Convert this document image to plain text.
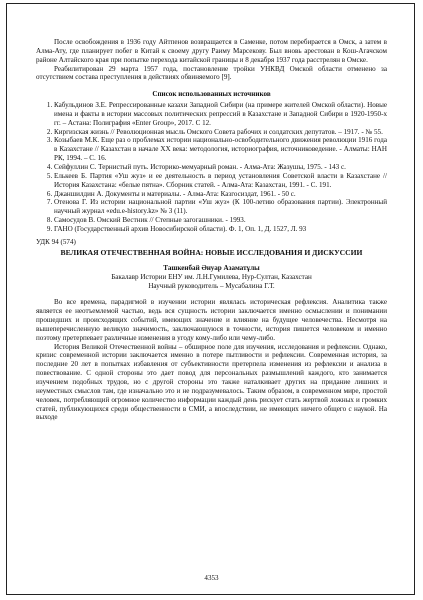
После освобождения в 1936 году Айтпенов возвращается в Саменке, потом перебирается в Омск, а затем в Алма-Ату, где планирует побег в Китай к своему другу Раиму Марсекову. Был вновь арестован в Кош-Агачском районе Алтайского края при попытке перехода китайской границы и 8 декабря 1937 года расстрелян в Омске.

Реабилитирован 29 марта 1957 года, постановление тройки УНКВД Омской области отменено за отсутствием состава преступления в действиях обвиняемого [9].

Список использованных источников
1. Кабульдинов З.Е. Репрессированные казахи Западной Сибири (на примере жителей Омской области). Новые имена и факты в истории массовых политических репрессий в Казахстане и Западной Сибири в 1920-1950-х гг. – Астана: Полиграфия «Enter Group», 2017. С 12.
2. Киргизская жизнь // Революционная мысль Омского Совета рабочих и солдатских депутатов. – 1917. - № 55.
3. Козыбаев М.К. Еще раз о проблемах истории национально-освободительного движения революции 1916 года в Казахстане // Казахстан в начале ХХ века: методология, историография, источниковедение. - Алматы: НАН РК, 1994. – С. 16.
4. Сейфуллин С. Тернистый путь. Историко-мемуарный роман. - Алма-Ата: Жазушы, 1975. - 143 с.
5. Елькеев Б. Партия «Уш жуз» и ее деятельность в период установления Советской власти в Казахстане // История Казахстана: «белые пятна». Сборник статей. - Алма-Ата: Казахстан, 1991. - С. 191.
6. Джаншилдин А. Документы и материалы. - Алма-Ата: Казгосиздат, 1961. - 50 с.
7. Отенова Г. Из истории национальной партии «Уш жуз» (К 100-летию образования партии). Электронный научный журнал «edu.e-history.kz» № 3 (11).
8. Самосудов В. Омский Вестник // Степные загогашники. - 1993.
9. ГАНО (Государственный архив Новосибирской области). Ф. 1, Оп. 1, Д. 1527, Л. 93

УДК 94 (574)

ВЕЛИКАЯ ОТЕЧЕСТВЕННАЯ ВОЙНА: НОВЫЕ ИССЛЕДОВАНИЯ И ДИСКУССИИ
Ташкенбай Әнуар Азаматұлы
Бакалавр Истории ЕНУ им. Л.Н.Гумилева, Нур-Султан, Казахстан
Научный руководитель – Мусабалина Г.Т.

Во все времена, парадигмой в изучении истории являлась историческая рефлексия. Аналитика также является ее неотъемлемой частью, ведь вся сущность истории заключается именно осмыслении и понимании прошедших и происходящих событий, имеющих значение и влияние на будущее человечества. Несмотря на вышеперечисленную великую значимость, заключающуюся в точности, история пишется человеком и именно поэтому претерпевает различные изменения в угоду кому-либо или чему-либо.

История Великой Отечественной войны – обширное поле для изучения, исследования и рефлексии. Однако, кризис современной истории заключается именно в потере пытливости и рефлексии. Современная история, за последние 20 лет в попытках избавления от субъективности претерпела изменения из рефлексии и анализа в повествование. С одной стороны это дает повод для персональных размышлений каждого, кто занимается изучением подобных трудов, но с другой стороны это также наталкивает других на придание лишних и неуместных смыслов там, где изначально это и не подразумевалось. Таким образом, в современном мире, простой человек, потребляющий огромное количество информации каждый день рискует стать жертвой ложных и громких статей, публикующихся среди общественности в СМИ, а впоследствии, не имеющих ничего общего с наукой. На выходе

4353
